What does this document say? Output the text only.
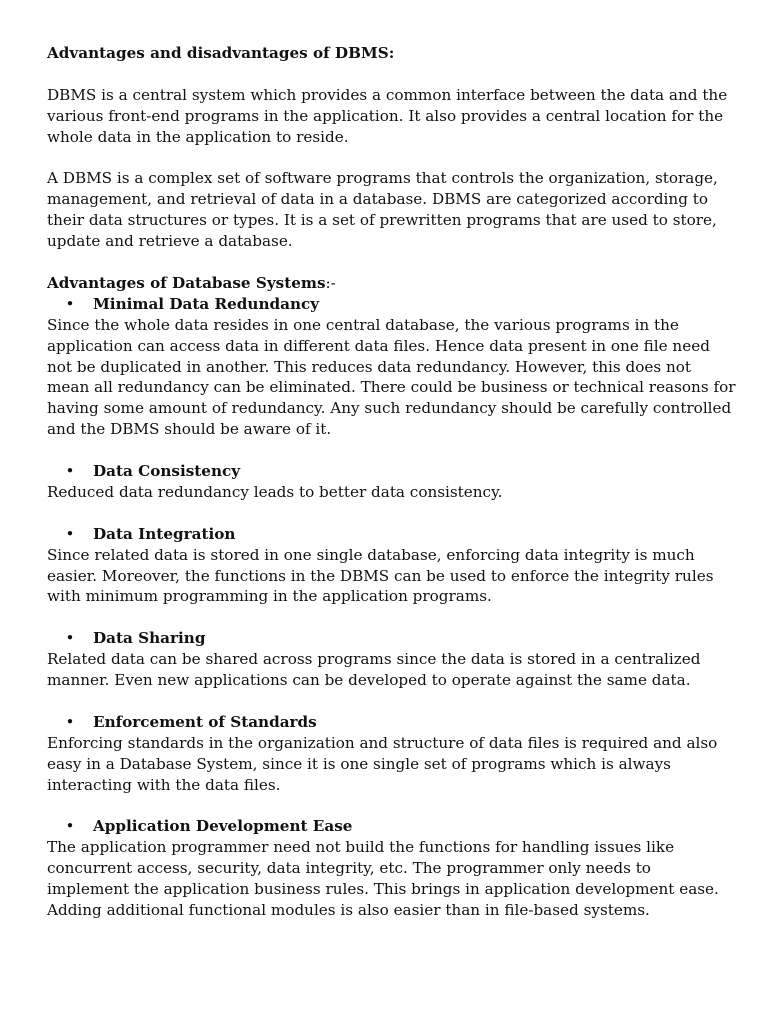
Advantages and disadvantages of DBMS:

DBMS is a central system which provides a common interface between the data and the various front-end programs in the application. It also provides a central location for the whole data in the application to reside.

A DBMS is a complex set of software programs that controls the organization, storage, management, and retrieval of data in a database. DBMS are categorized according to their data structures or types. It is a set of prewritten programs that are used to store, update and retrieve a database.

Advantages of Database Systems:-

•	Minimal Data Redundancy

Since the whole data resides in one central database, the various programs in the application can access data in different data files. Hence data present in one file need not be duplicated in another. This reduces data redundancy. However, this does not mean all redundancy can be eliminated. There could be business or technical reasons for having some amount of redundancy. Any such redundancy should be carefully controlled and the DBMS should be aware of it.

•	Data Consistency

Reduced data redundancy leads to better data consistency.

•	Data Integration

Since related data is stored in one single database, enforcing data integrity is much easier. Moreover, the functions in the DBMS can be used to enforce the integrity rules with minimum programming in the application programs.

•	Data Sharing

Related data can be shared across programs since the data is stored in a centralized manner. Even new applications can be developed to operate against the same data.

•	Enforcement of Standards

Enforcing standards in the organization and structure of data files is required and also easy in a Database System, since it is one single set of programs which is always interacting with the data files.

•	Application Development Ease

The application programmer need not build the functions for handling issues like concurrent access, security, data integrity, etc. The programmer only needs to implement the application business rules. This brings in application development ease. Adding additional functional modules is also easier than in file-based systems.
